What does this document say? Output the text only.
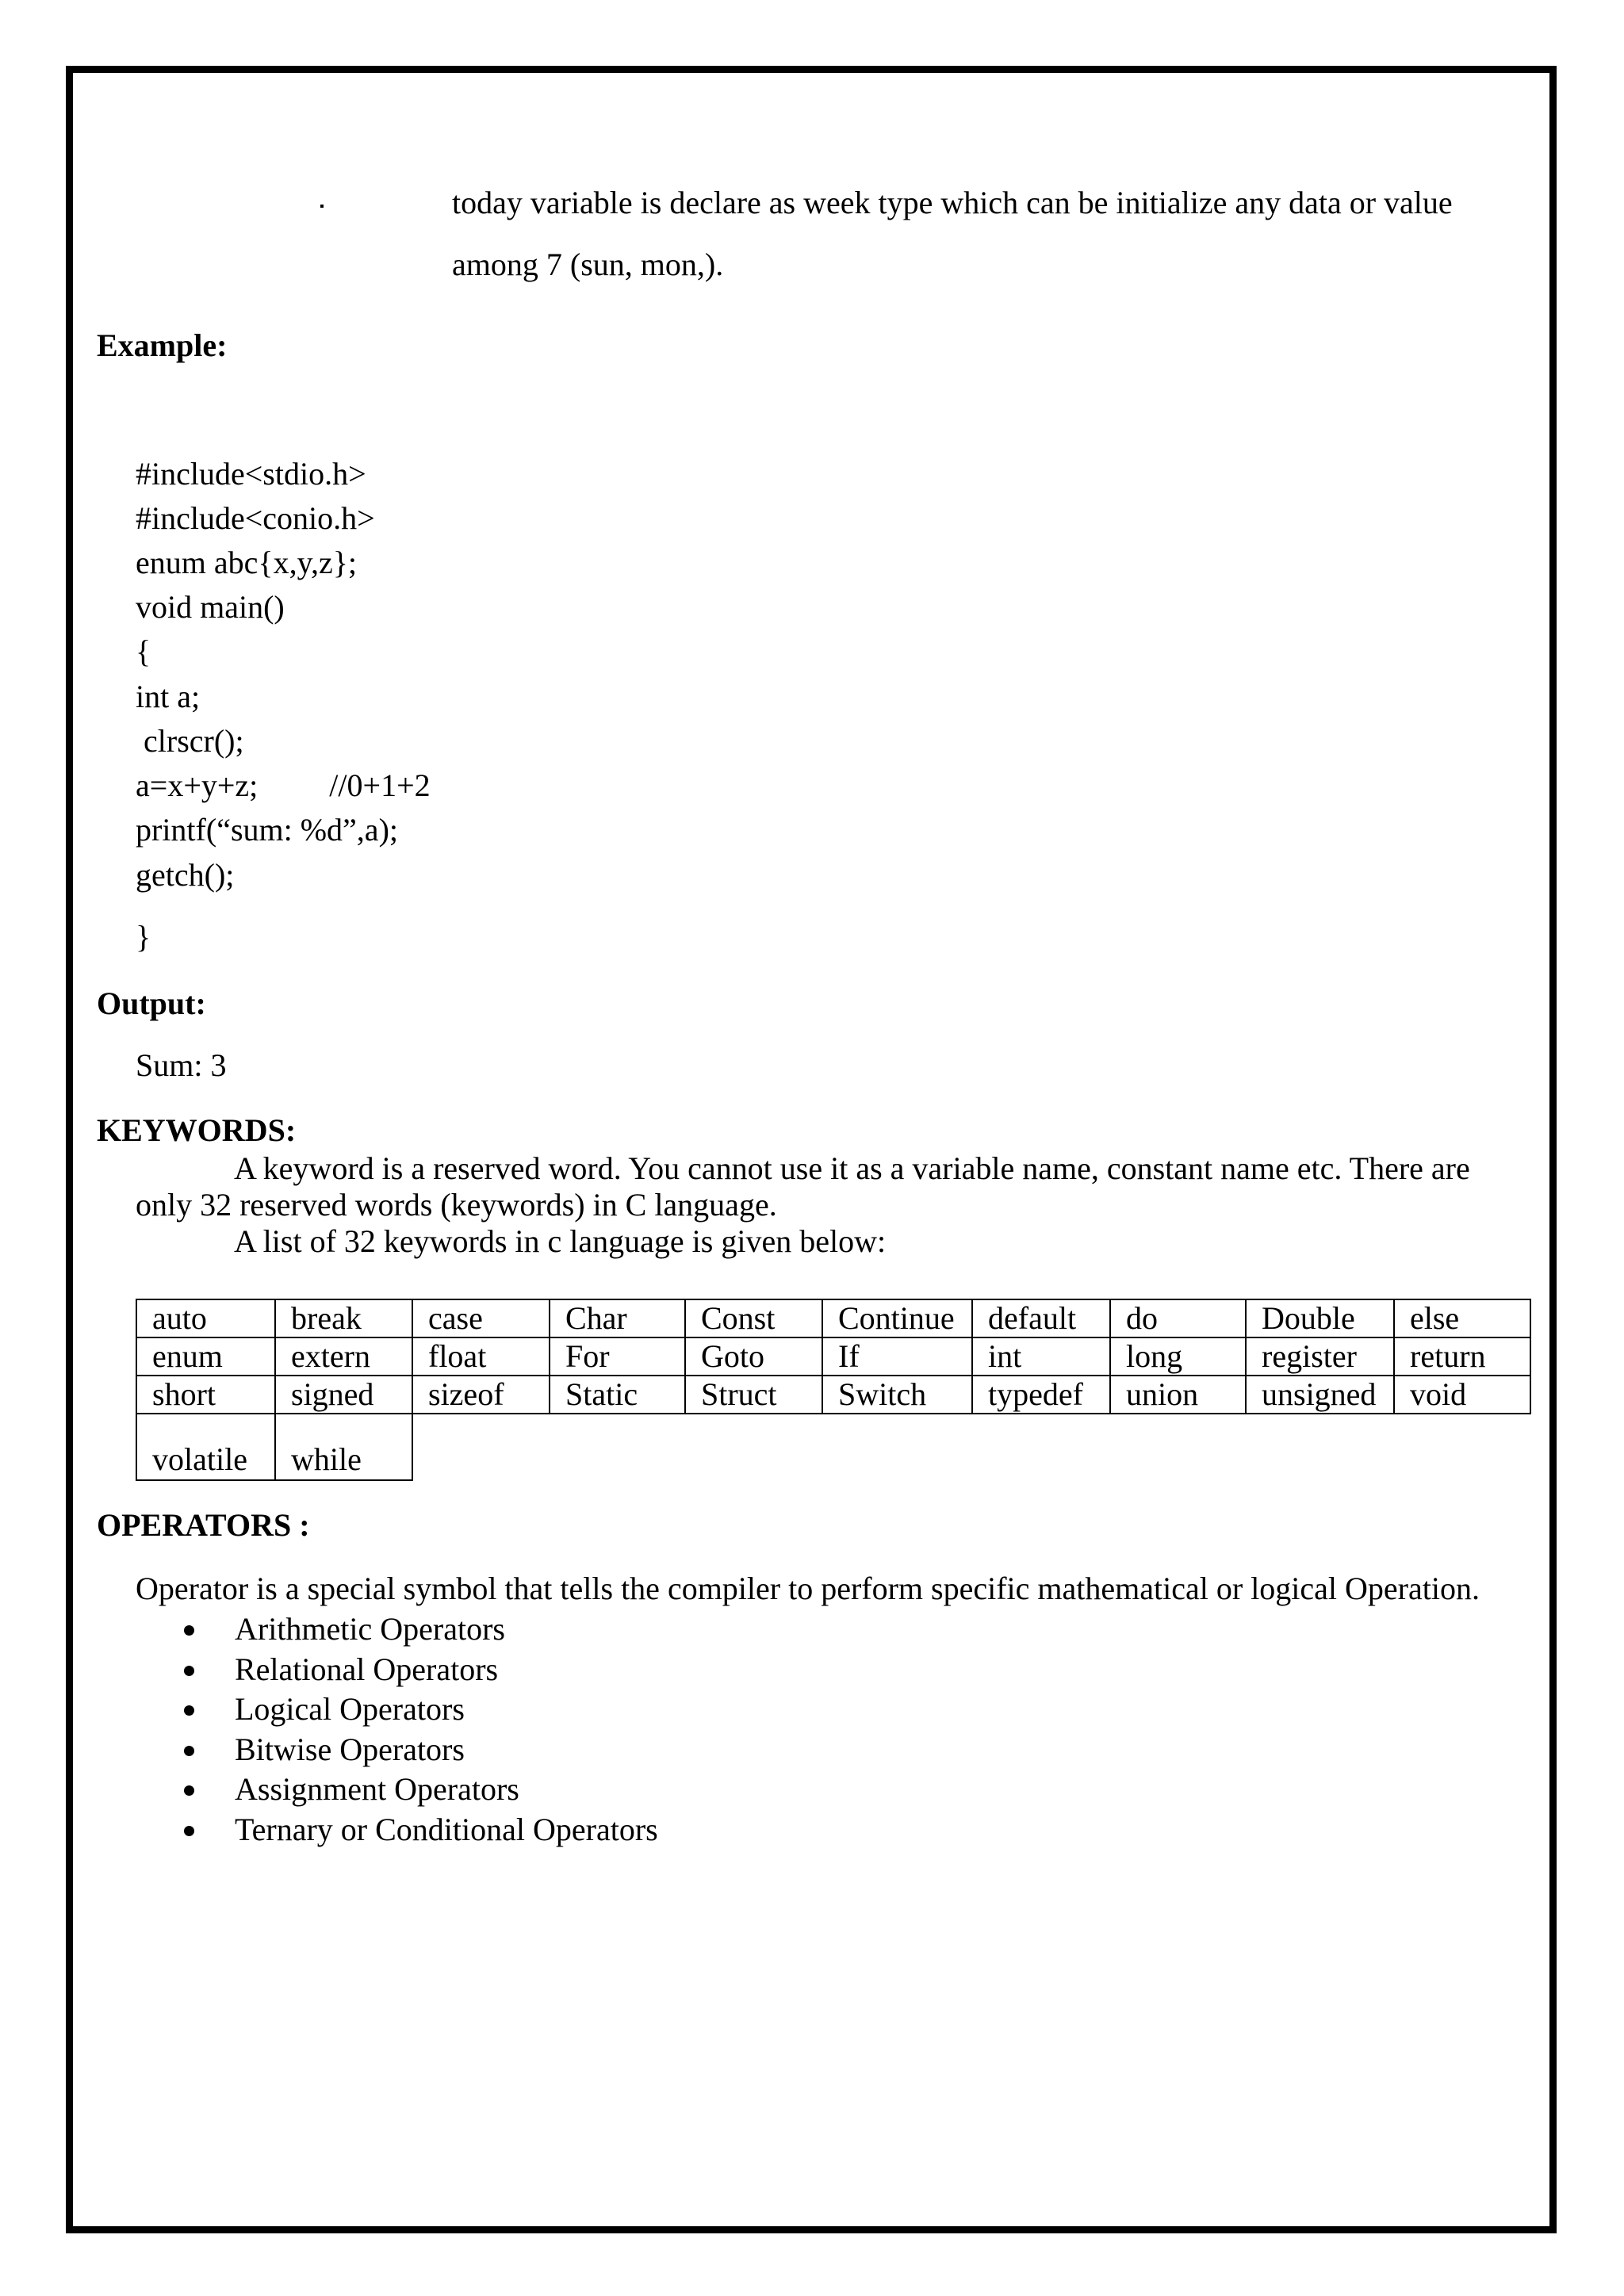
today variable is declare as week type which can be initialize any data or value
among 7 (sun, mon,).
Example:
#include<stdio.h>
#include<conio.h>
enum abc{x,y,z};
void main()
{
int a;
clrscr();
a=x+y+z;         //0+1+2
printf(“sum: %d”,a);
getch();
}
Output:
Sum: 3
KEYWORDS:
A keyword is a reserved word. You cannot use it as a variable name, constant name etc. There are
only 32 reserved words (keywords) in C language.
A list of 32 keywords in c language is given below:
auto	break	case	Char	Const	Continue	default	do	Double	else
enum	extern	float	For	Goto	If	int	long	register	return
short	signed	sizeof	Static	Struct	Switch	typedef	union	unsigned	void
volatile	while								
OPERATORS :
Operator is a special symbol that tells the compiler to perform specific mathematical or logical Operation.
Arithmetic Operators
Relational Operators
Logical Operators
Bitwise Operators
Assignment Operators
Ternary or Conditional Operators
